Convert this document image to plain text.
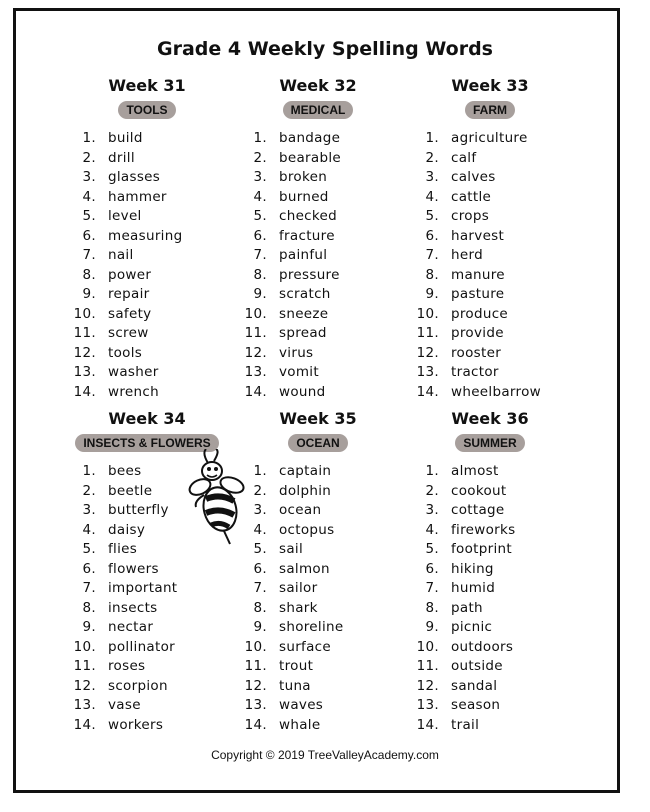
Grade 4 Weekly Spelling Words
Week 31
TOOLS
1. build
2. drill
3. glasses
4. hammer
5. level
6. measuring
7. nail
8. power
9. repair
10. safety
11. screw
12. tools
13. washer
14. wrench
Week 32
MEDICAL
1. bandage
2. bearable
3. broken
4. burned
5. checked
6. fracture
7. painful
8. pressure
9. scratch
10. sneeze
11. spread
12. virus
13. vomit
14. wound
Week 33
FARM
1. agriculture
2. calf
3. calves
4. cattle
5. crops
6. harvest
7. herd
8. manure
9. pasture
10. produce
11. provide
12. rooster
13. tractor
14. wheelbarrow
Week 34
INSECTS & FLOWERS
1. bees
2. beetle
3. butterfly
4. daisy
5. flies
6. flowers
7. important
8. insects
9. nectar
10. pollinator
11. roses
12. scorpion
13. vase
14. workers
Week 35
OCEAN
1. captain
2. dolphin
3. ocean
4. octopus
5. sail
6. salmon
7. sailor
8. shark
9. shoreline
10. surface
11. trout
12. tuna
13. waves
14. whale
Week 36
SUMMER
1. almost
2. cookout
3. cottage
4. fireworks
5. footprint
6. hiking
7. humid
8. path
9. picnic
10. outdoors
11. outside
12. sandal
13. season
14. trail
Copyright © 2019 TreeValleyAcademy.com
